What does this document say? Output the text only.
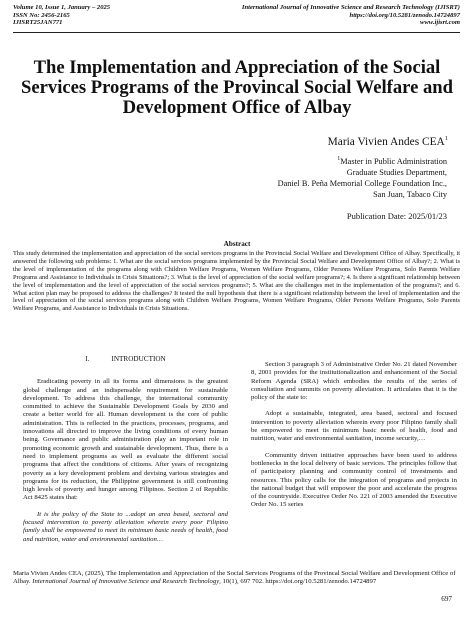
Volume 10, Issue 1, January – 2025
ISSN No: 2456-2165
IJISRT25JAN771
International Journal of Innovative Science and Research Technology (IJISRT)
https://doi.org/10.5281/zenodo.14724897
www.ijisrt.com
The Implementation and Appreciation of the Social Services Programs of the Provincal Social Welfare and Development Office of Albay
Maria Vivien Andes CEA$^1$
$^1$Master in Public Administration
Graduate Studies Department,
Daniel B. Peña Memorial College Foundation Inc.,
San Juan, Tabaco City
Publication Date: 2025/01/23
Abstract
This study determined the implementation and appreciation of the social services programs in the Provincial Social Welfare and Development Office of Albay. Specifically, it answered the following sub problems: 1. What are the social services programs implemented by the Provincial Social Welfare and Development Office of Albay?; 2. What is the level of implementation of the programs along with Children Welfare Programs, Women Welfare Programs, Older Persons Welfare Programs, Solo Parents Welfare Programs and Assistance to Individuals in Crisis Situations?; 3. What is the level of appreciation of the social welfare programs?; 4. Is there a significant relationship between the level of implementation and the level of appreciation of the social services programs?; 5. What are the challenges met in the implementation of the programs?; and 6. What action plan may be proposed to address the challenges? It tested the null hypothesis that there is a significant relationship between the level of implementation and the level of appreciation of the social services programs along with Children Welfare Programs, Women Welfare Programs, Older Persons Welfare Programs, Solo Parents Welfare Programs, and Assistance to Individuals in Crisis Situations.
I.	INTRODUCTION

Eradicating poverty in all its forms and dimensions is the greatest global challenge and an indispensable requirement for sustainable development. To address this challenge, the international community committed to achieve the Sustainable Development Goals by 2030 and create a better world for all. Human development is the core of public administration. This is reflected in the practices, processes, programs, and innovations all directed to improve the living conditions of every human being. Governance and public administration play an important role in promoting economic growth and sustainable development. Thus, there is a need to implement programs as well as evaluate the different social programs that affect the conditions of citizens. After years of recognizing poverty as a key development problem and devising various strategies and programs for its reduction, the Philippine government is still confronting high levels of poverty and hunger among Filipinos. Section 2 of Republic Act 8425 states that:

It is the policy of the State to ...adopt an area based, sectoral and focused intervention to poverty alleviation wherein every poor Filipino family shall be empowered to meet its minimum basic needs of health, food and nutrition, water and environmental sanitation…

Section 3 paragraph 3 of Administrative Order No. 21 dated November 8, 2001 provides for the institutionalization and enhancement of the Social Reform Agenda (SRA) which embodies the results of the series of consultation and summits on poverty alleviation. It articulates that it is the policy of the state to:

Adopt a sustainable, integrated, area based, sectoral and focused intervention to poverty alleviation wherein every poor Filipino family shall be empowered to meet tis minimum basic needs of health, food and nutrition, water and environmental sanitation, income security,…

Community driven initiative approaches have been used to address bottlenecks in the local delivery of basic services. The principles follow that of participatory planning and community control of investments and resources. This policy calls for the integration of programs and projects in the national budget that will empower the poor and accelerate the progress of the countryside. Executive Order No. 221 of 2003 amended the Executive Order No. 15 series

Maria Vivien Andes CEA, (2025), The Implementation and Appreciation of the Social Services Programs of the Provincal Social Welfare and Development Office of Albay. International Journal of Innovative Science and Research Technology, 10(1), 697 702. https://doi.org/10.5281/zenodo.14724897
697
